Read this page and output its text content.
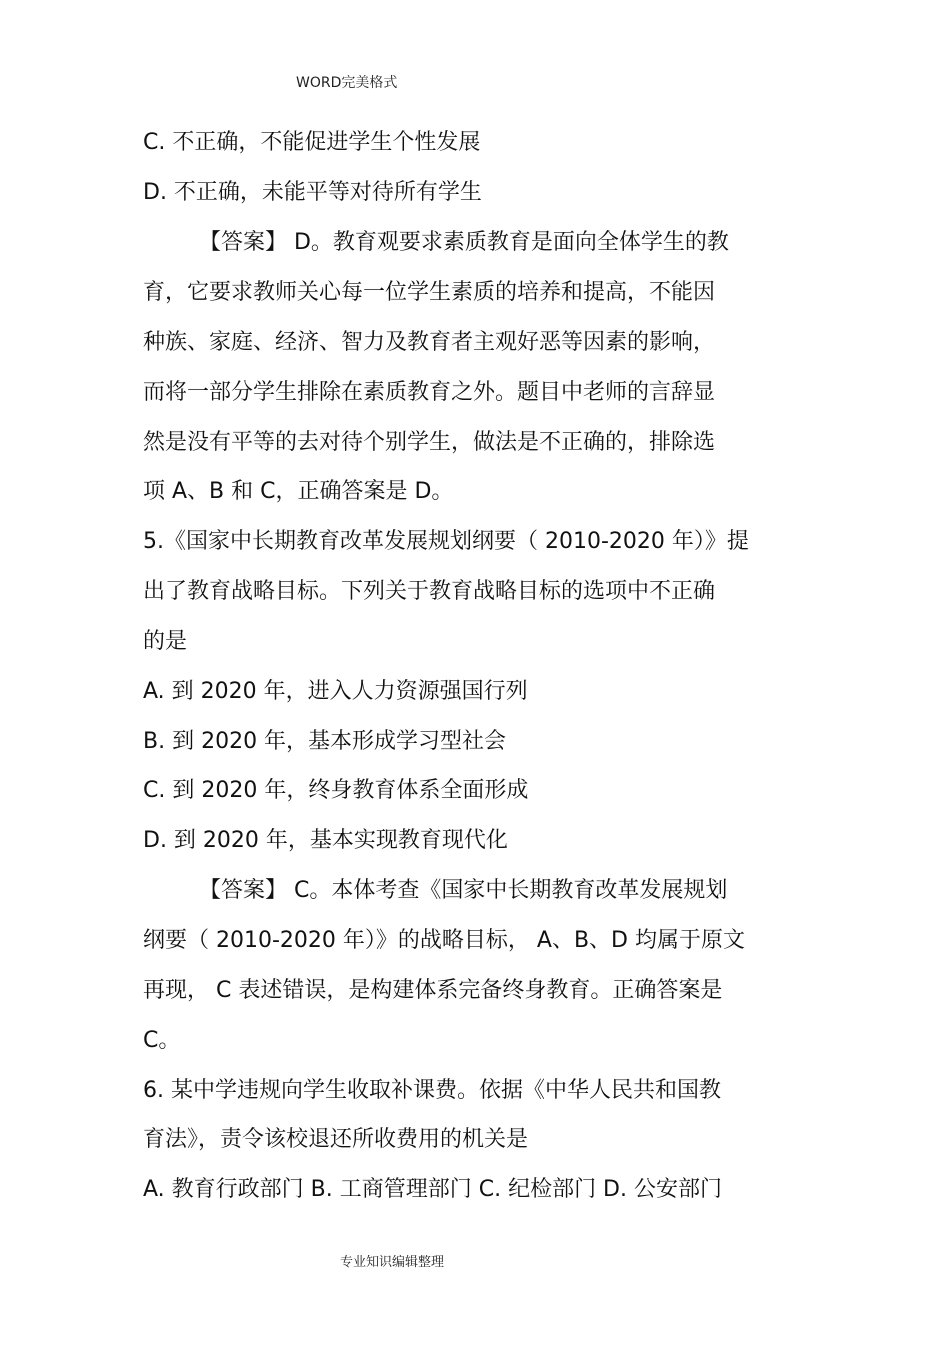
WORD完美格式
C. 不正确，不能促进学生个性发展
D. 不正确，未能平等对待所有学生
【答案】 D。教育观要求素质教育是面向全体学生的教
育，它要求教师关心每一位学生素质的培养和提高，不能因
种族、家庭、经济、智力及教育者主观好恶等因素的影响，
而将一部分学生排除在素质教育之外。题目中老师的言辞显
然是没有平等的去对待个别学生，做法是不正确的，排除选
项 A、B 和 C，正确答案是 D。
5.《国家中长期教育改革发展规划纲要（ 2010-2020 年）》提
出了教育战略目标。下列关于教育战略目标的选项中不正确
的是
A. 到 2020 年，进入人力资源强国行列
B. 到 2020 年，基本形成学习型社会
C. 到 2020 年，终身教育体系全面形成
D. 到 2020 年，基本实现教育现代化
【答案】 C。本体考查《国家中长期教育改革发展规划
纲要（ 2010-2020 年）》的战略目标， A、B、D 均属于原文
再现， C 表述错误，是构建体系完备终身教育。正确答案是
C。
6. 某中学违规向学生收取补课费。依据《中华人民共和国教
育法》，责令该校退还所收费用的机关是
A. 教育行政部门 B. 工商管理部门 C. 纪检部门 D. 公安部门
专业知识编辑整理
